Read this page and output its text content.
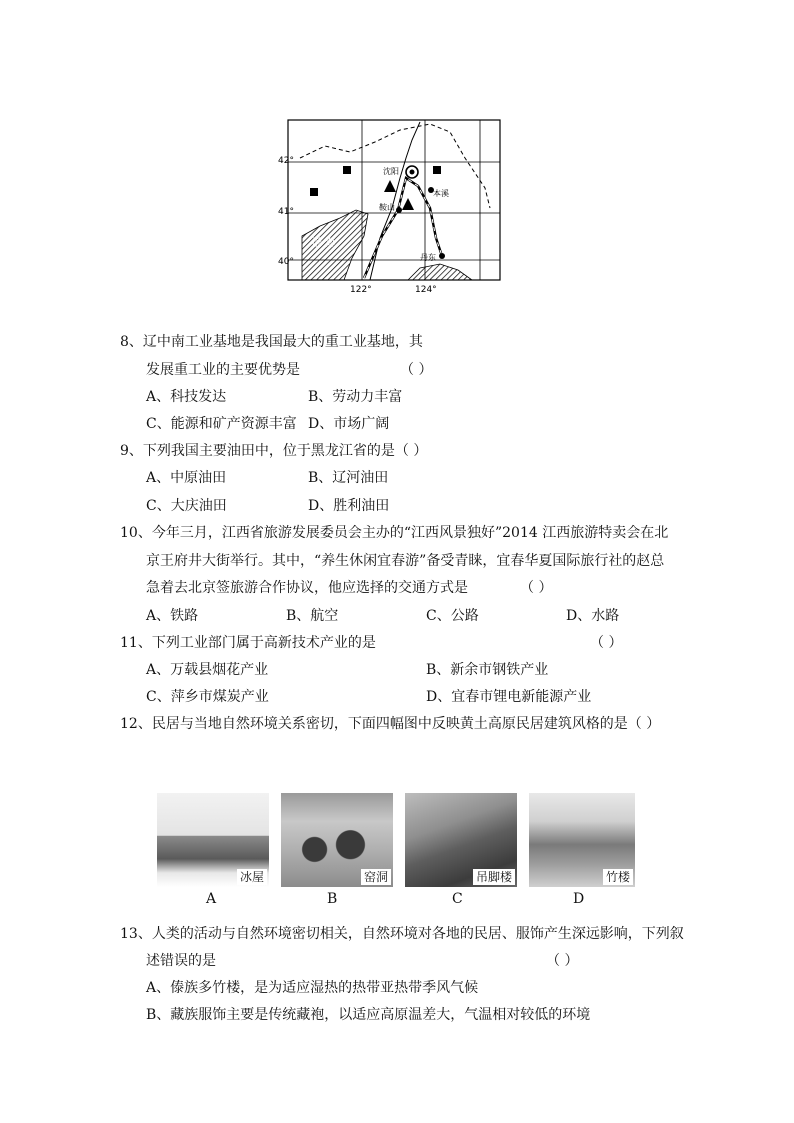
42°
41°
40°
122°	124°
沈阳
本溪
鞍山
丹东
渤 海
8、辽中南工业基地是我国最大的重工业基地，其
发展重工业的主要优势是	（ ）
A、科技发达	B、劳动力丰富
C、能源和矿产资源丰富 D、市场广阔
9、下列我国主要油田中，位于黑龙江省的是（ ）
A、中原油田	B、辽河油田
C、大庆油田	D、胜利油田
10、今年三月，江西省旅游发展委员会主办的“江西风景独好”2014 江西旅游特卖会在北
京王府井大街举行。其中，“养生休闲宜春游”备受青睐，宜春华夏国际旅行社的赵总
急着去北京签旅游合作协议，他应选择的交通方式是	（ ）
A、铁路	B、航空	C、公路	D、水路
11、下列工业部门属于高新技术产业的是	（ ）
A、万载县烟花产业	B、新余市钢铁产业
C、萍乡市煤炭产业	D、宜春市锂电新能源产业
12、民居与当地自然环境关系密切，下面四幅图中反映黄土高原民居建筑风格的是（ ）
冰屋	窑洞	吊脚楼	竹楼
A	B	C	D
13、人类的活动与自然环境密切相关，自然环境对各地的民居、服饰产生深远影响，下列叙
述错误的是	（ ）
A、傣族多竹楼，是为适应湿热的热带亚热带季风气候
B、藏族服饰主要是传统藏袍，以适应高原温差大，气温相对较低的环境
